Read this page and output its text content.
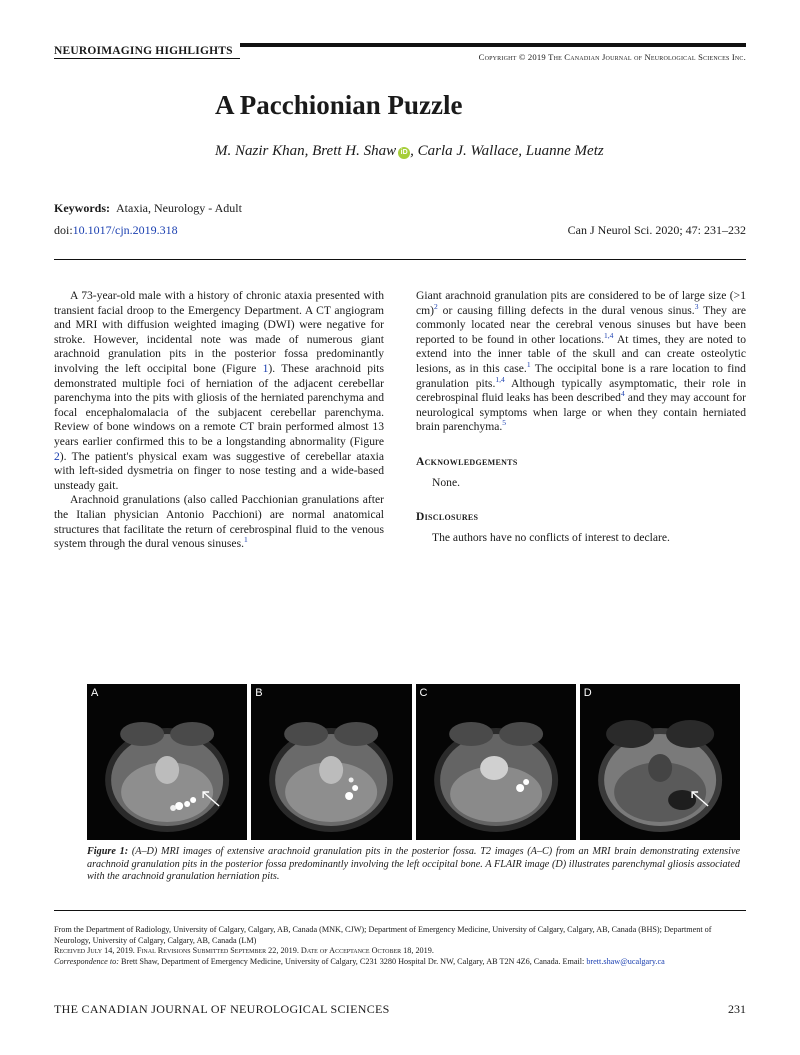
NEUROIMAGING HIGHLIGHTS	Copyright © 2019 The Canadian Journal of Neurological Sciences Inc.
A Pacchionian Puzzle
M. Nazir Khan, Brett H. Shaw iD , Carla J. Wallace, Luanne Metz
Keywords: Ataxia, Neurology - Adult
doi:10.1017/cjn.2019.318	Can J Neurol Sci. 2020; 47: 231–232

A 73-year-old male with a history of chronic ataxia presented with transient facial droop to the Emergency Department. A CT angiogram and MRI with diffusion weighted imaging (DWI) were negative for stroke. However, incidental note was made of numerous giant arachnoid granulation pits in the posterior fossa predominantly involving the left occipital bone (Figure 1). These arachnoid pits demonstrated multiple foci of herniation of the adjacent cerebellar parenchyma into the pits with gliosis of the herniated parenchyma and focal encephalomalacia of the subjacent cerebellar parenchyma. Review of bone windows on a remote CT brain performed almost 13 years earlier confirmed this to be a longstanding abnormality (Figure 2). The patient's physical exam was suggestive of cerebellar ataxia with left-sided dysmetria on finger to nose testing and a wide-based unsteady gait.

Arachnoid granulations (also called Pacchionian granulations after the Italian physician Antonio Pacchioni) are normal anatomical structures that facilitate the return of cerebrospinal fluid to the venous system through the dural venous sinuses.$^1$

Giant arachnoid granulation pits are considered to be of large size (>1 cm)$^2$ or causing filling defects in the dural venous sinus.$^3$ They are commonly located near the cerebral venous sinuses but have been reported to be found in other locations.$^{1,4}$ At times, they are noted to extend into the inner table of the skull and can create osteolytic lesions, as in this case.$^1$ The occipital bone is a rare location to find granulation pits.$^{1,4}$ Although typically asymptomatic, their role in cerebrospinal fluid leaks has been described$^4$ and they may account for neurological symptoms when large or when they contain herniated brain parenchyma.$^5$

Acknowledgements
None.
Disclosures
The authors have no conflicts of interest to declare.
A	B	C	D
Figure 1: (A–D) MRI images of extensive arachnoid granulation pits in the posterior fossa. T2 images (A–C) from an MRI brain demonstrating extensive arachnoid granulation pits in the posterior fossa predominantly involving the left occipital bone. A FLAIR image (D) illustrates parenchymal gliosis associated with the arachnoid granulation herniation pits.
From the Department of Radiology, University of Calgary, Calgary, AB, Canada (MNK, CJW); Department of Emergency Medicine, University of Calgary, Calgary, AB, Canada (BHS); Department of Neurology, University of Calgary, Calgary, AB, Canada (LM)
Received July 14, 2019. Final Revisions Submitted September 22, 2019. Date of Acceptance October 18, 2019.
Correspondence to: Brett Shaw, Department of Emergency Medicine, University of Calgary, C231 3280 Hospital Dr. NW, Calgary, AB T2N 4Z6, Canada. Email: brett.shaw@ucalgary.ca
THE CANADIAN JOURNAL OF NEUROLOGICAL SCIENCES	231
